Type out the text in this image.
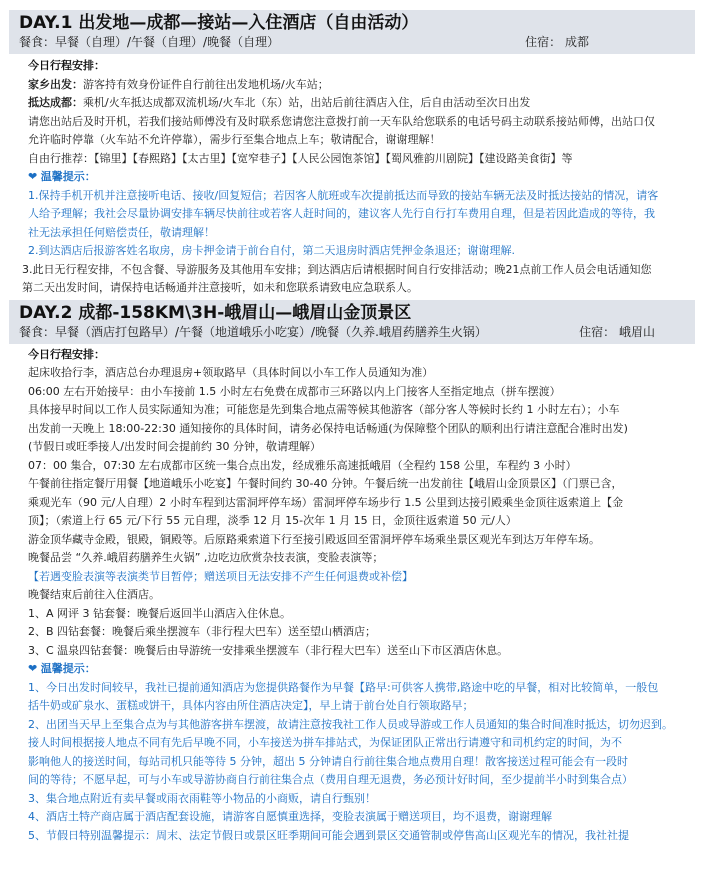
DAY.1 出发地—成都—接站—入住酒店（自由活动）
餐食：早餐（自理）/午餐（自理）/晚餐（自理）	住宿： 成都
今日行程安排：
家乡出发：游客持有效身份证件自行前往出发地机场/火车站；
抵达成都：乘机/火车抵达成都双流机场/火车北（东）站，出站后前往酒店入住，后自由活动至次日出发
请您出站后及时开机，若我们接站师傅没有及时联系您请您注意拨打前一天车队给您联系的电话号码主动联系接站师傅，出站口仅
允许临时停靠（火车站不允许停靠），需步行至集合地点上车；敬请配合，谢谢理解！
自由行推荐：【锦里】【春熙路】【太古里】【宽窄巷子】【人民公园饱茶馆】【蜀风雅韵川剧院】【建设路美食街】等
❤ 温馨提示：
1.保持手机开机并注意接听电话、接收/回复短信；若因客人航班或车次提前抵达而导致的接站车辆无法及时抵达接站的情况，请客
人给予理解；我社会尽量协调安排车辆尽快前往或若客人赶时间的，建议客人先行自行打车费用自理，但是若因此造成的等待，我
社无法承担任何赔偿责任，敬请理解！
2.到达酒店后报游客姓名取房，房卡押金请于前台自付，第二天退房时酒店凭押金条退还；谢谢理解.
3.此日无行程安排，不包含餐、导游服务及其他用车安排；到达酒店后请根据时间自行安排活动；晚21点前工作人员会电话通知您
第二天出发时间，请保持电话畅通并注意接听，如未和您联系请致电应急联系人。
DAY.2 成都-158KM\3H-峨眉山—峨眉山金顶景区
餐食：早餐（酒店打包路早）/午餐（地道峨乐小吃宴）/晚餐（久养.峨眉药膳养生火锅）	住宿： 峨眉山
今日行程安排：
起床收拾行李，酒店总台办理退房+领取路早（具体时间以小车工作人员通知为准）
06:00 左右开始接早：由小车接前 1.5 小时左右免费在成都市三环路以内上门接客人至指定地点（拼车摆渡）
具体接早时间以工作人员实际通知为准；可能您是先到集合地点需等候其他游客（部分客人等候时长约 1 小时左右）；小车
出发前一天晚上 18:00-22:30 通知接你的具体时间，请务必保持电话畅通(为保障整个团队的顺利出行请注意配合准时出发)
(节假日或旺季接人/出发时间会提前约 30 分钟，敬请理解）
07：00 集合，07:30 左右成都市区统一集合点出发，经成雅乐高速抵峨眉（全程约 158 公里，车程约 3 小时）
午餐前往指定餐厅用餐【地道峨乐小吃宴】午餐时间约 30-40 分钟。午餐后统一出发前往【峨眉山金顶景区】（门票已含，
乘观光车（90 元/人自理）2 小时车程到达雷洞坪停车场）雷洞坪停车场步行 1.5 公里到达接引殿乘坐金顶往返索道上【金
顶】；（索道上行 65 元/下行 55 元自理，淡季 12 月 15-次年 1 月 15 日，金顶往返索道 50 元/人）
游金顶华藏寺金殿，银殿，铜殿等。后原路乘索道下行至接引殿返回至雷洞坪停车场乘坐景区观光车到达万年停车场。
晚餐品尝 “久养.峨眉药膳养生火锅” ,边吃边欣赏杂技表演，变脸表演等；
【若遇变脸表演等表演类节目暂停；赠送项目无法安排不产生任何退费或补偿】
晚餐结束后前往入住酒店。
1、A 网评 3 钻套餐：晚餐后返回半山酒店入住休息。
2、B 四钻套餐：晚餐后乘坐摆渡车（非行程大巴车）送至望山栖酒店；
3、C 温泉四钻套餐：晚餐后由导游统一安排乘坐摆渡车（非行程大巴车）送至山下市区酒店休息。
❤ 温馨提示：
1、今日出发时间较早，我社已提前通知酒店为您提供路餐作为早餐【路早:可供客人携带,路途中吃的早餐，相对比较简单，一般包
括牛奶或矿泉水、蛋糕或饼干，具体内容由所住酒店决定】，早上请于前台处自行领取路早；
2、出团当天早上至集合点为与其他游客拼车摆渡，故请注意按我社工作人员或导游或工作人员通知的集合时间准时抵达，切勿迟到。
接人时间根据接人地点不同有先后早晚不同，小车接送为拼车排站式，为保证团队正常出行请遵守和司机约定的时间，为不
影响他人的接送时间，每站司机只能等待 5 分钟，超出 5 分钟请自行前往集合地点费用自理！散客接送过程可能会有一段时
间的等待；不愿早起，可与小车或导游协商自行前往集合点（费用自理无退费，务必预计好时间，至少提前半小时到集合点）
3、集合地点附近有卖早餐或雨衣雨鞋等小物品的小商贩，请自行甄别！
4、酒店土特产商店属于酒店配套设施，请游客自愿慎重选择，变脸表演属于赠送项目，均不退费，谢谢理解
5、节假日特别温馨提示：周末、法定节假日或景区旺季期间可能会遇到景区交通管制或停售高山区观光车的情况，我社社提
